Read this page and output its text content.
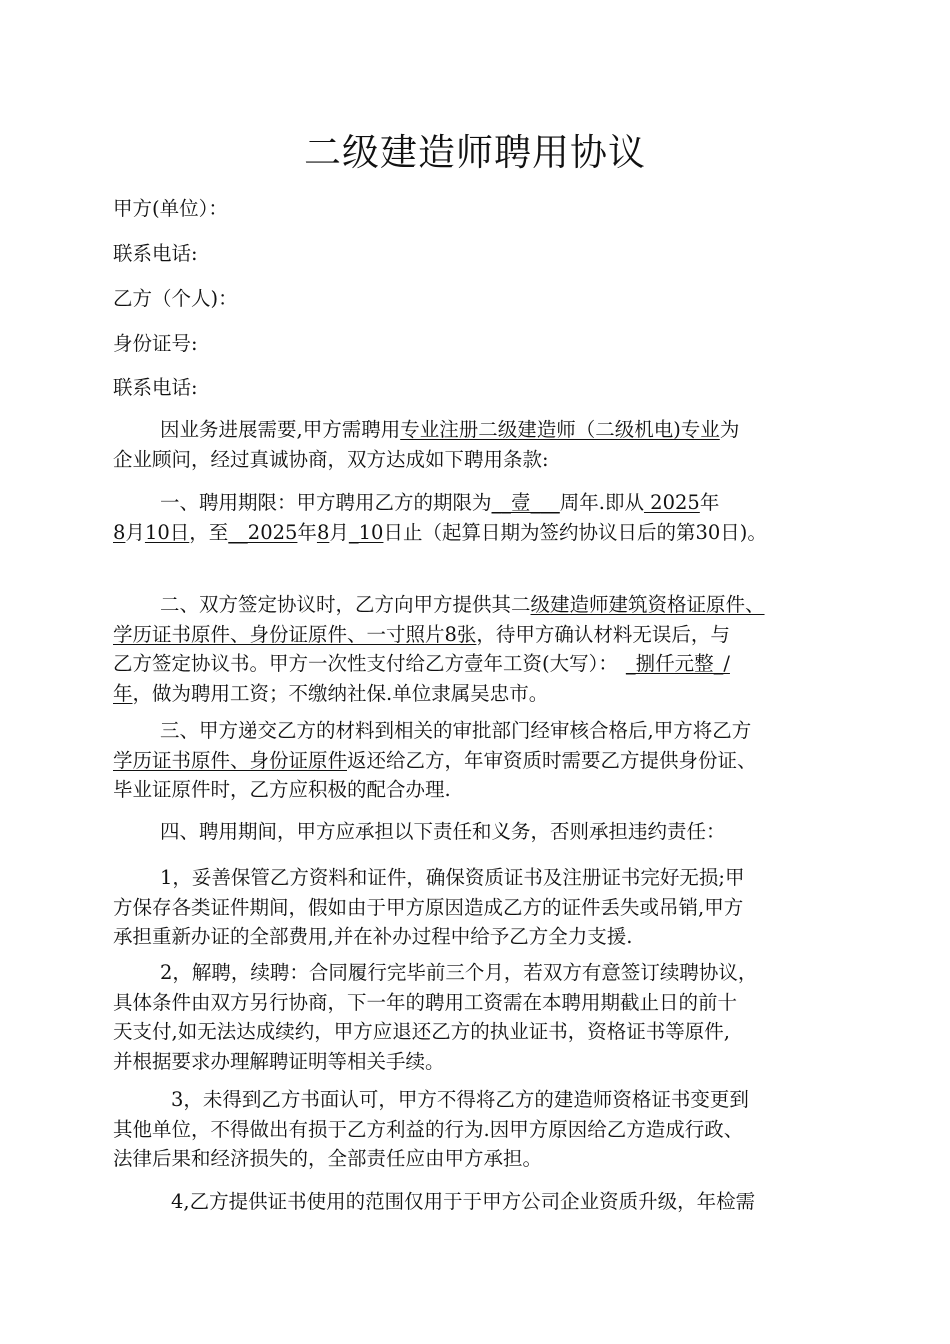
二级建造师聘用协议
甲方(单位）：
联系电话:
乙方（个人)：
身份证号:
联系电话:
因业务进展需要,甲方需聘用专业注册二级建造师（二级机电)专业为
企业顾问，经过真诚协商，双方达成如下聘用条款:
一、聘用期限：甲方聘用乙方的期限为__壹___周年.即从 2025年
8月10日，至__2025年8月_10日止（起算日期为签约协议日后的第30日)。
二、双方签定协议时，乙方向甲方提供其二级建造师建筑资格证原件、
学历证书原件、身份证原件、一寸照片8张，待甲方确认材料无误后，与
乙方签定协议书。甲方一次性支付给乙方壹年工资(大写）： _捌仟元整_/
年，做为聘用工资；不缴纳社保.单位隶属吴忠市。
三、甲方递交乙方的材料到相关的审批部门经审核合格后,甲方将乙方
学历证书原件、身份证原件返还给乙方，年审资质时需要乙方提供身份证、
毕业证原件时，乙方应积极的配合办理.
四、聘用期间，甲方应承担以下责任和义务，否则承担违约责任：
1，妥善保管乙方资料和证件，确保资质证书及注册证书完好无损;甲
方保存各类证件期间，假如由于甲方原因造成乙方的证件丢失或吊销,甲方
承担重新办证的全部费用,并在补办过程中给予乙方全力支援.
2，解聘，续聘：合同履行完毕前三个月，若双方有意签订续聘协议，
具体条件由双方另行协商，下一年的聘用工资需在本聘用期截止日的前十
天支付,如无法达成续约，甲方应退还乙方的执业证书，资格证书等原件,
并根据要求办理解聘证明等相关手续。
3，未得到乙方书面认可，甲方不得将乙方的建造师资格证书变更到
其他单位，不得做出有损于乙方利益的行为.因甲方原因给乙方造成行政、
法律后果和经济损失的，全部责任应由甲方承担。
4,乙方提供证书使用的范围仅用于于甲方公司企业资质升级，年检需
